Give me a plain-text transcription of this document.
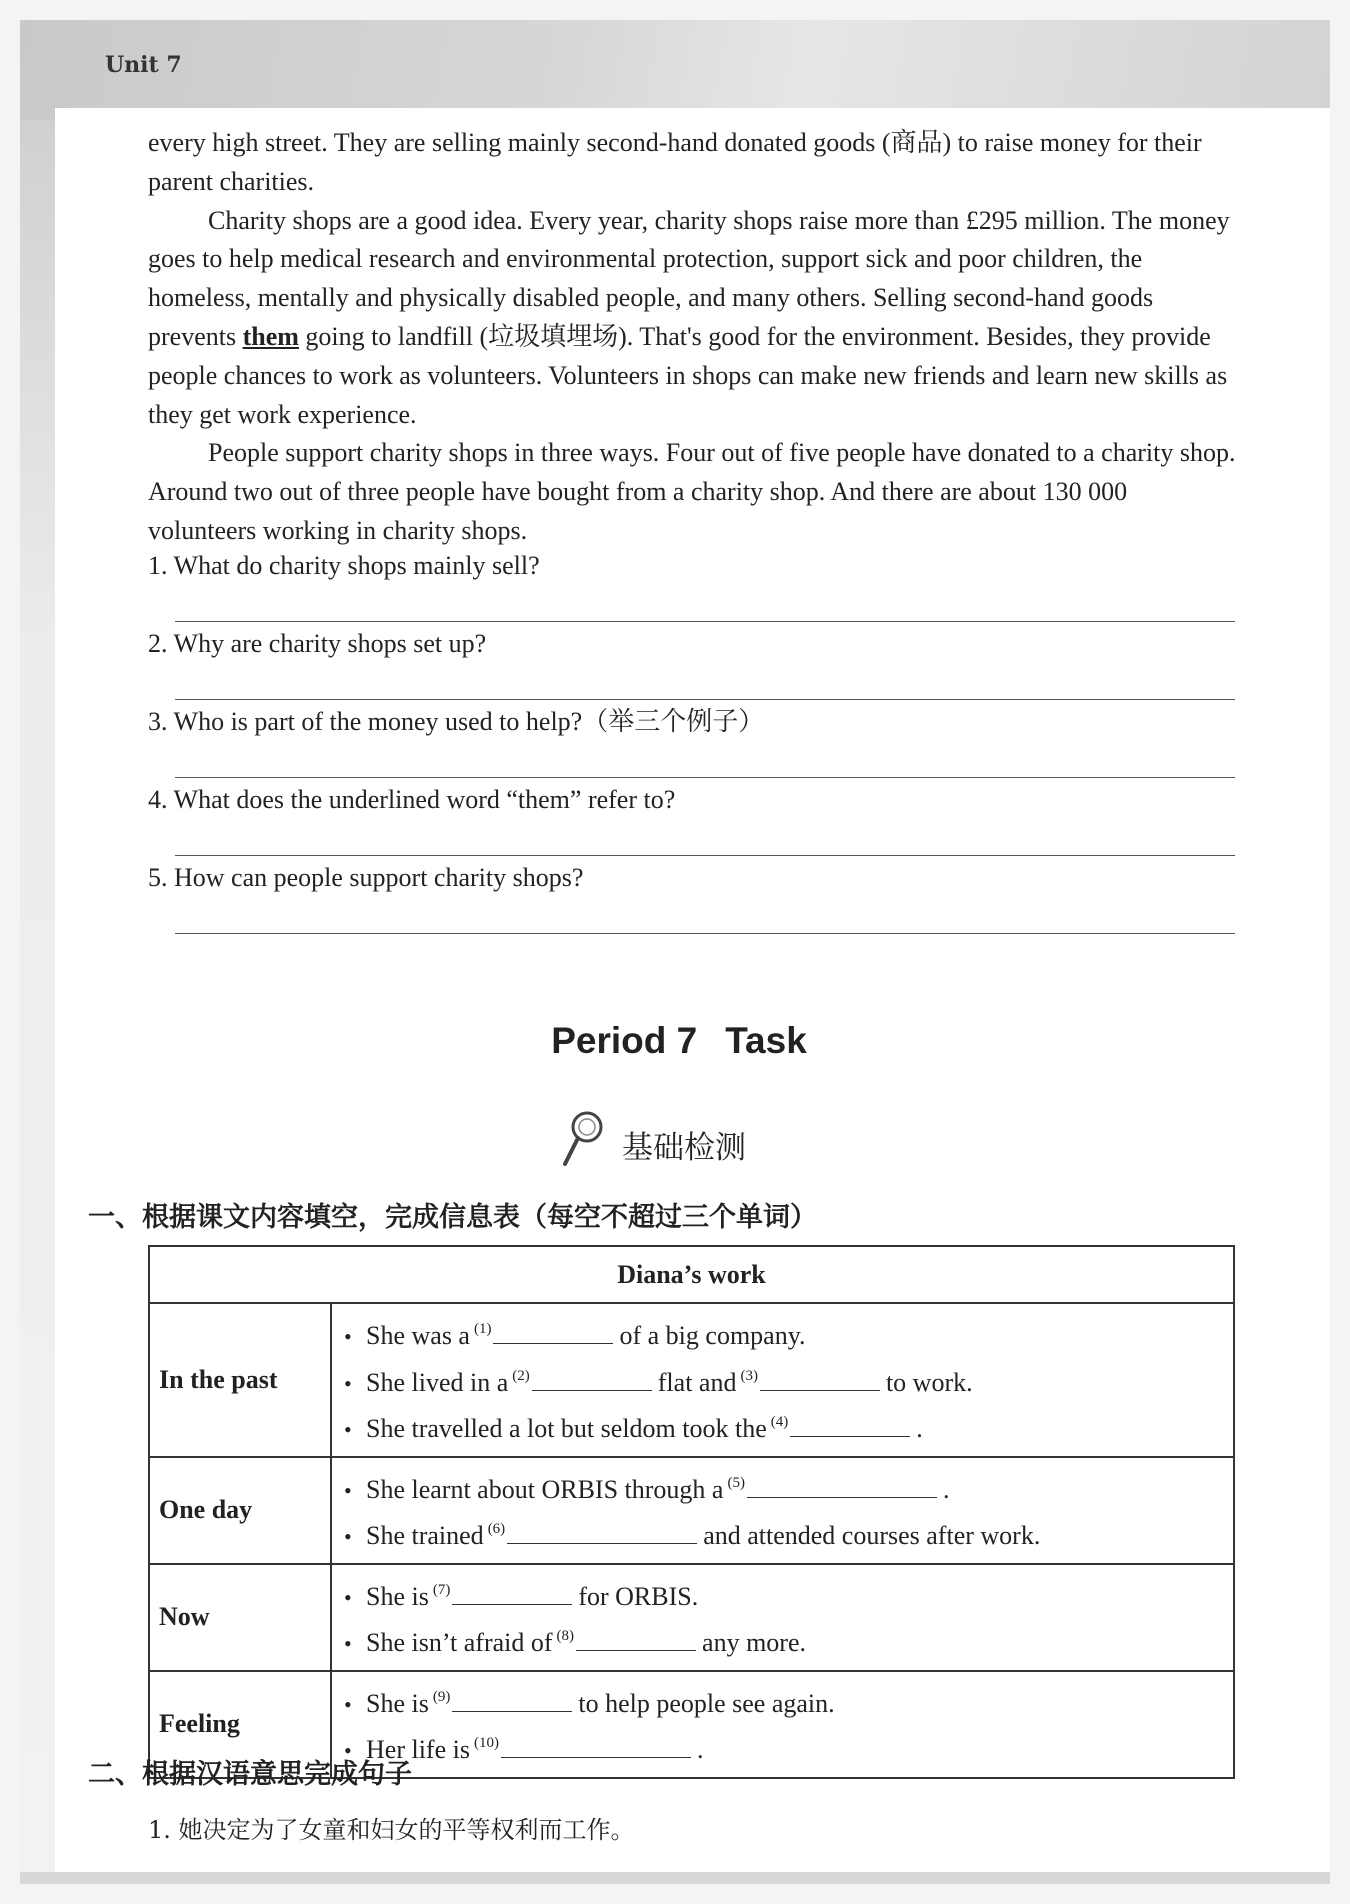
Unit 7

every high street. They are selling mainly second-hand donated goods (商品) to raise money for their parent charities.

Charity shops are a good idea. Every year, charity shops raise more than £295 million. The money goes to help medical research and environmental protection, support sick and poor children, the homeless, mentally and physically disabled people, and many others. Selling second-hand goods prevents them going to landfill (垃圾填埋场). That's good for the environment. Besides, they provide people chances to work as volunteers. Volunteers in shops can make new friends and learn new skills as they get work experience.

People support charity shops in three ways. Four out of five people have donated to a charity shop. Around two out of three people have bought from a charity shop. And there are about 130 000 volunteers working in charity shops.

1. What do charity shops mainly sell?
2. Why are charity shops set up?
3. Who is part of the money used to help?（举三个例子）
4. What does the underlined word “them” refer to?
5. How can people support charity shops?
Period 7 Task
基础检测
一、根据课文内容填空，完成信息表（每空不超过三个单词）
Diana’s work	
In the past	• She was a $^{(1)}$ of a big company.
• She lived in a $^{(2)}$ flat and $^{(3)}$ to work.
• She travelled a lot but seldom took the $^{(4)}$ .

One day	• She learnt about ORBIS through a $^{(5)}$ .
• She trained $^{(6)}$ and attended courses after work.

Now	• She is $^{(7)}$ for ORBIS.
• She isn’t afraid of $^{(8)}$ any more.

Feeling	• She is $^{(9)}$ to help people see again.
• Her life is $^{(10)}$ .
二、根据汉语意思完成句子
1. 她决定为了女童和妇女的平等权利而工作。
